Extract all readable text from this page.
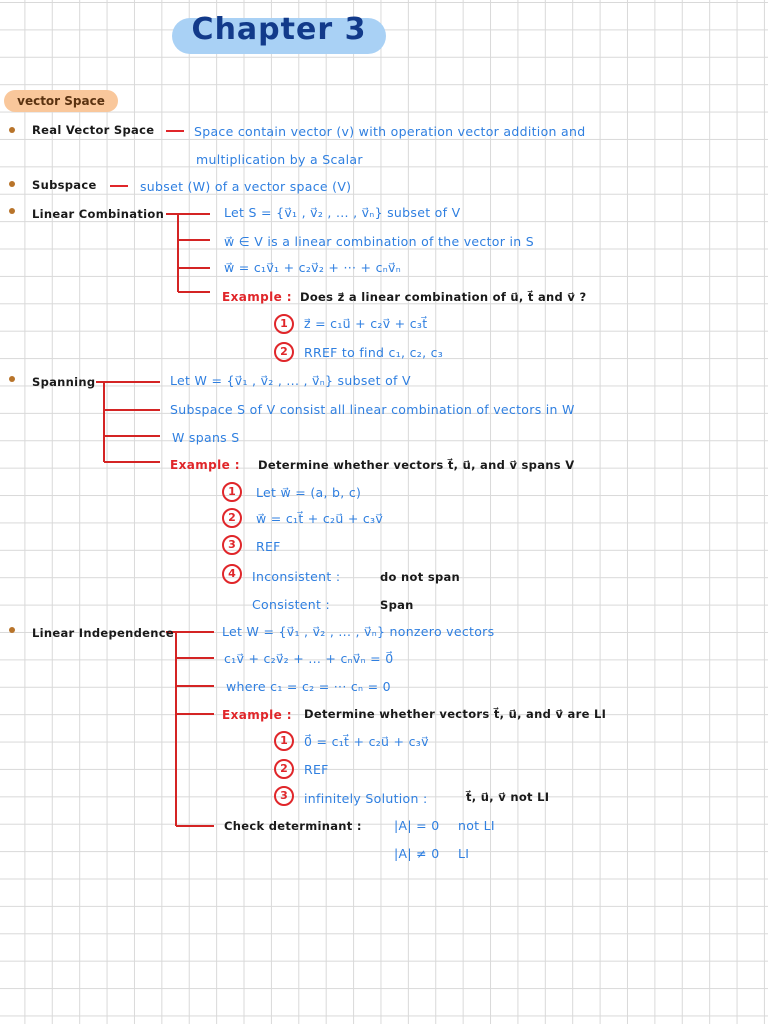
Chapter 3
vector Space
Real Vector Space	Space contain vector (v) with operation vector addition and
multiplication by a Scalar
Subspace	subset (W) of a vector space (V)
Linear Combination	Let S = {v⃗₁ , v⃗₂ , ... , v⃗ₙ} subset of V
w⃗ ∈ V is a linear combination of the vector in S
w⃗ = c₁v⃗₁ + c₂v⃗₂ + ··· + cₙv⃗ₙ
Example : Does z⃗ a linear combination of u⃗, t⃗ and v⃗ ?
1	z⃗ = c₁u⃗ + c₂v⃗ + c₃t⃗
2	RREF to find c₁, c₂, c₃
Spanning	Let W = {v⃗₁ , v⃗₂ , ... , v⃗ₙ} subset of V
Subspace S of V consist all linear combination of vectors in W
W spans S
Example : Determine whether vectors t⃗, u⃗, and v⃗ spans V
1	Let w⃗ = (a, b, c)
2	w⃗ = c₁t⃗ + c₂u⃗ + c₃v⃗
3	REF
4	Inconsistent :	do not span
Consistent :	Span
Linear Independence	Let W = {v⃗₁ , v⃗₂ , ... , v⃗ₙ} nonzero vectors
c₁v⃗ + c₂v⃗₂ + ... + cₙv⃗ₙ = 0⃗
where c₁ = c₂ = ··· cₙ = 0
Example : Determine whether vectors t⃗, u⃗, and v⃗ are LI
1	0⃗ = c₁t⃗ + c₂u⃗ + c₃v⃗
2	REF
3	infinitely Solution :	t⃗, u⃗, v⃗ not LI
Check determinant :	|A| = 0 not LI
|A| ≠ 0 LI
